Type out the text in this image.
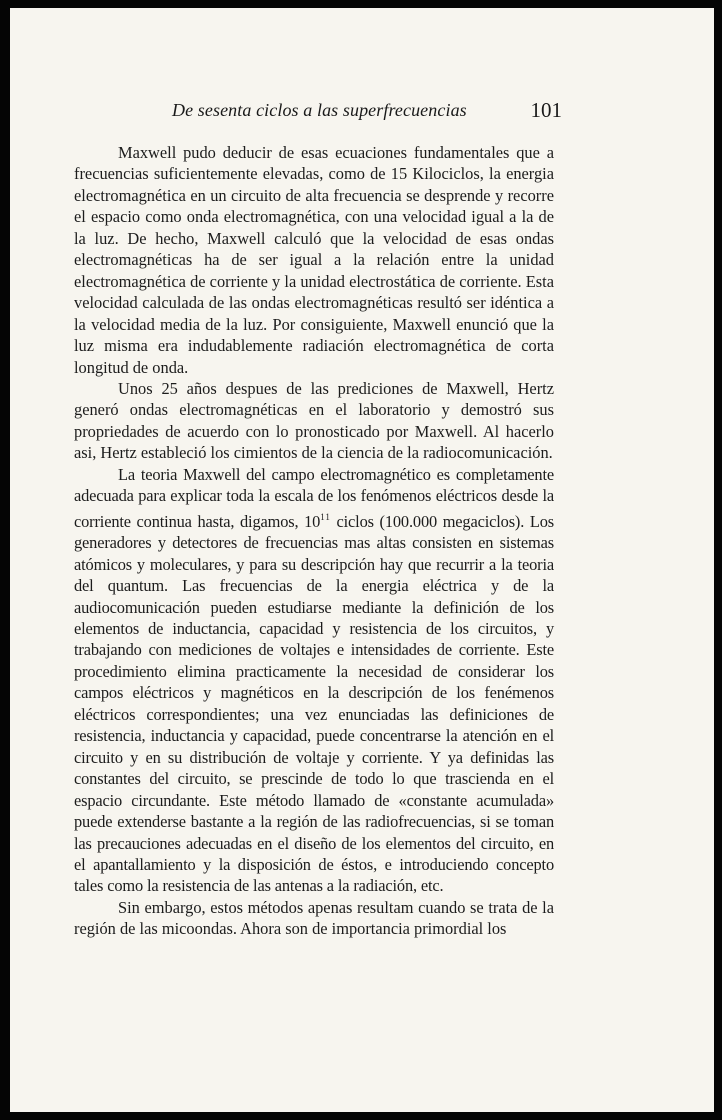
De sesenta ciclos a las superfrecuencias	101

Maxwell pudo deducir de esas ecuaciones fundamentales que a frecuencias suficientemente elevadas, como de 15 Kilociclos, la energia electromagnética en un circuito de alta frecuencia se desprende y recorre el espacio como onda electromagnética, con una velocidad igual a la de la luz. De hecho, Maxwell calculó que la velocidad de esas ondas electromagnéticas ha de ser igual a la relación entre la unidad electromagnética de corriente y la unidad electrostática de corriente. Esta velocidad calculada de las ondas electromagnéticas resultó ser idéntica a la velocidad media de la luz. Por consiguiente, Maxwell enunció que la luz misma era indudablemente radiación electromagnética de corta longitud de onda.

Unos 25 años despues de las prediciones de Maxwell, Hertz generó ondas electromagnéticas en el laboratorio y demostró sus propriedades de acuerdo con lo pronosticado por Maxwell. Al hacerlo asi, Hertz estableció los cimientos de la ciencia de la radiocomunicación.

La teoria Maxwell del campo electromagnético es completamente adecuada para explicar toda la escala de los fenómenos eléctricos desde la corriente continua hasta, digamos, $10^{11}$ ciclos (100.000 megaciclos). Los generadores y detectores de frecuencias mas altas consisten en sistemas atómicos y moleculares, y para su descripción hay que recurrir a la teoria del quantum. Las frecuencias de la energia eléctrica y de la audiocomunicación pueden estudiarse mediante la definición de los elementos de inductancia, capacidad y resistencia de los circuitos, y trabajando con mediciones de voltajes e intensidades de corriente. Este procedimiento elimina practicamente la necesidad de considerar los campos eléctricos y magnéticos en la descripción de los fenémenos eléctricos correspondientes; una vez enunciadas las definiciones de resistencia, inductancia y capacidad, puede concentrarse la atención en el circuito y en su distribución de voltaje y corriente. Y ya definidas las constantes del circuito, se prescinde de todo lo que trascienda en el espacio circundante. Este método llamado de «constante acumulada» puede extenderse bastante a la región de las radiofrecuencias, si se toman las precauciones adecuadas en el diseño de los elementos del circuito, en el apantallamiento y la disposición de éstos, e introduciendo concepto tales como la resistencia de las antenas a la radiación, etc.

Sin embargo, estos métodos apenas resultam cuando se trata de la región de las micoondas. Ahora son de importancia primordial los
